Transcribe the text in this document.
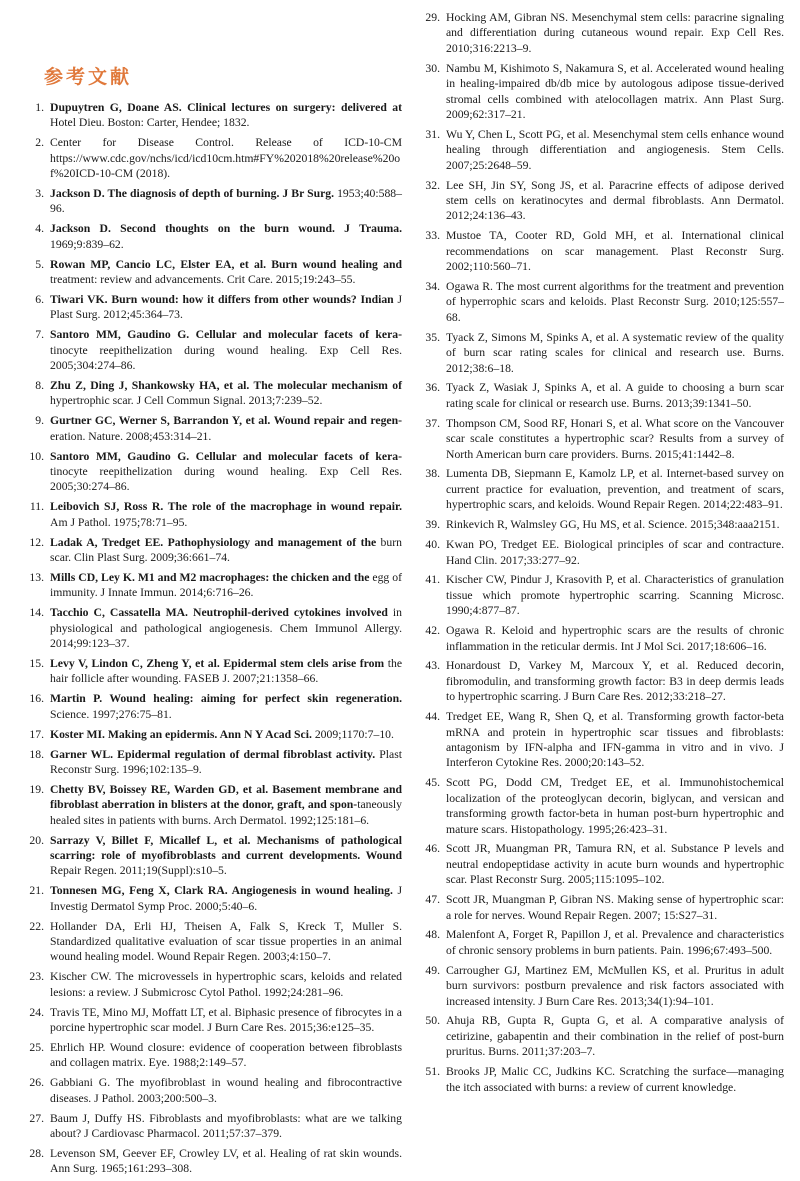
参考文献
1. Dupuytren G, Doane AS. Clinical lectures on surgery: delivered at Hotel Dieu. Boston: Carter, Hendee; 1832.
2. Center for Disease Control. Release of ICD-10-CM https://www.cdc.gov/nchs/icd/icd10cm.htm#FY%202018%20release%20of%20ICD-10-CM (2018).
3. Jackson D. The diagnosis of depth of burning. J Br Surg. 1953;40:588–96.
4. Jackson D. Second thoughts on the burn wound. J Trauma. 1969;9:839–62.
5. Rowan MP, Cancio LC, Elster EA, et al. Burn wound healing and treatment: review and advancements. Crit Care. 2015;19:243–55.
6. Tiwari VK. Burn wound: how it differs from other wounds? Indian J Plast Surg. 2012;45:364–73.
7. Santoro MM, Gaudino G. Cellular and molecular facets of kera-tinocyte reepithelization during wound healing. Exp Cell Res. 2005;304:274–86.
8. Zhu Z, Ding J, Shankowsky HA, et al. The molecular mechanism of hypertrophic scar. J Cell Commun Signal. 2013;7:239–52.
9. Gurtner GC, Werner S, Barrandon Y, et al. Wound repair and regen-eration. Nature. 2008;453:314–21.
10. Santoro MM, Gaudino G. Cellular and molecular facets of kera-tinocyte reepithelization during wound healing. Exp Cell Res. 2005;30:274–86.
11. Leibovich SJ, Ross R. The role of the macrophage in wound repair. Am J Pathol. 1975;78:71–95.
12. Ladak A, Tredget EE. Pathophysiology and management of the burn scar. Clin Plast Surg. 2009;36:661–74.
13. Mills CD, Ley K. M1 and M2 macrophages: the chicken and the egg of immunity. J Innate Immun. 2014;6:716–26.
14. Tacchio C, Cassatella MA. Neutrophil-derived cytokines involved in physiological and pathological angiogenesis. Chem Immunol Allergy. 2014;99:123–37.
15. Levy V, Lindon C, Zheng Y, et al. Epidermal stem clels arise from the hair follicle after wounding. FASEB J. 2007;21:1358–66.
16. Martin P. Wound healing: aiming for perfect skin regeneration. Science. 1997;276:75–81.
17. Koster MI. Making an epidermis. Ann N Y Acad Sci. 2009;1170:7–10.
18. Garner WL. Epidermal regulation of dermal fibroblast activity. Plast Reconstr Surg. 1996;102:135–9.
19. Chetty BV, Boissey RE, Warden GD, et al. Basement membrane and fibroblast aberration in blisters at the donor, graft, and spon-taneously healed sites in patients with burns. Arch Dermatol. 1992;125:181–6.
20. Sarrazy V, Billet F, Micallef L, et al. Mechanisms of pathological scarring: role of myofibroblasts and current developments. Wound Repair Regen. 2011;19(Suppl):s10–5.
21. Tonnesen MG, Feng X, Clark RA. Angiogenesis in wound healing. J Investig Dermatol Symp Proc. 2000;5:40–6.
22. Hollander DA, Erli HJ, Theisen A, Falk S, Kreck T, Muller S. Standardized qualitative evaluation of scar tissue properties in an animal wound healing model. Wound Repair Regen. 2003;4:150–7.
23. Kischer CW. The microvessels in hypertrophic scars, keloids and related lesions: a review. J Submicrosc Cytol Pathol. 1992;24:281–96.
24. Travis TE, Mino MJ, Moffatt LT, et al. Biphasic presence of fibrocytes in a porcine hypertrophic scar model. J Burn Care Res. 2015;36:e125–35.
25. Ehrlich HP. Wound closure: evidence of cooperation between fibroblasts and collagen matrix. Eye. 1988;2:149–57.
26. Gabbiani G. The myofibroblast in wound healing and fibrocontractive diseases. J Pathol. 2003;200:500–3.
27. Baum J, Duffy HS. Fibroblasts and myofibroblasts: what are we talking about? J Cardiovasc Pharmacol. 2011;57:37–379.
28. Levenson SM, Geever EF, Crowley LV, et al. Healing of rat skin wounds. Ann Surg. 1965;161:293–308.
29. Hocking AM, Gibran NS. Mesenchymal stem cells: paracrine signaling and differentiation during cutaneous wound repair. Exp Cell Res. 2010;316:2213–9.
30. Nambu M, Kishimoto S, Nakamura S, et al. Accelerated wound healing in healing-impaired db/db mice by autologous adipose tissue-derived stromal cells combined with atelocollagen matrix. Ann Plast Surg. 2009;62:317–21.
31. Wu Y, Chen L, Scott PG, et al. Mesenchymal stem cells enhance wound healing through differentiation and angiogenesis. Stem Cells. 2007;25:2648–59.
32. Lee SH, Jin SY, Song JS, et al. Paracrine effects of adipose derived stem cells on keratinocytes and dermal fibroblasts. Ann Dermatol. 2012;24:136–43.
33. Mustoe TA, Cooter RD, Gold MH, et al. International clinical recommendations on scar management. Plast Reconstr Surg. 2002;110:560–71.
34. Ogawa R. The most current algorithms for the treatment and prevention of hyperrophic scars and keloids. Plast Reconstr Surg. 2010;125:557–68.
35. Tyack Z, Simons M, Spinks A, et al. A systematic review of the quality of burn scar rating scales for clinical and research use. Burns. 2012;38:6–18.
36. Tyack Z, Wasiak J, Spinks A, et al. A guide to choosing a burn scar rating scale for clinical or research use. Burns. 2013;39:1341–50.
37. Thompson CM, Sood RF, Honari S, et al. What score on the Vancouver scar scale constitutes a hypertrophic scar? Results from a survey of North American burn care providers. Burns. 2015;41:1442–8.
38. Lumenta DB, Siepmann E, Kamolz LP, et al. Internet-based survey on current practice for evaluation, prevention, and treatment of scars, hypertrophic scars, and keloids. Wound Repair Regen. 2014;22:483–91.
39. Rinkevich R, Walmsley GG, Hu MS, et al. Science. 2015;348:aaa2151.
40. Kwan PO, Tredget EE. Biological principles of scar and contracture. Hand Clin. 2017;33:277–92.
41. Kischer CW, Pindur J, Krasovith P, et al. Characteristics of granulation tissue which promote hypertrophic scarring. Scanning Microsc. 1990;4:877–87.
42. Ogawa R. Keloid and hypertrophic scars are the results of chronic inflammation in the reticular dermis. Int J Mol Sci. 2017;18:606–16.
43. Honardoust D, Varkey M, Marcoux Y, et al. Reduced decorin, fibromodulin, and transforming growth factor: B3 in deep dermis leads to hypertrophic scarring. J Burn Care Res. 2012;33:218–27.
44. Tredget EE, Wang R, Shen Q, et al. Transforming growth factor-beta mRNA and protein in hypertrophic scar tissues and fibroblasts: antagonism by IFN-alpha and IFN-gamma in vitro and in vivo. J Interferon Cytokine Res. 2000;20:143–52.
45. Scott PG, Dodd CM, Tredget EE, et al. Immunohistochemical localization of the proteoglycan decorin, biglycan, and versican and transforming growth factor-beta in human post-burn hypertrophic and mature scars. Histopathology. 1995;26:423–31.
46. Scott JR, Muangman PR, Tamura RN, et al. Substance P levels and neutral endopeptidase activity in acute burn wounds and hypertrophic scar. Plast Reconstr Surg. 2005;115:1095–102.
47. Scott JR, Muangman P, Gibran NS. Making sense of hypertrophic scar: a role for nerves. Wound Repair Regen. 2007; 15:S27–31.
48. Malenfont A, Forget R, Papillon J, et al. Prevalence and characteristics of chronic sensory problems in burn patients. Pain. 1996;67:493–500.
49. Carrougher GJ, Martinez EM, McMullen KS, et al. Pruritus in adult burn survivors: postburn prevalence and risk factors associated with increased intensity. J Burn Care Res. 2013;34(1):94–101.
50. Ahuja RB, Gupta R, Gupta G, et al. A comparative analysis of cetirizine, gabapentin and their combination in the relief of post-burn pruritus. Burns. 2011;37:203–7.
51. Brooks JP, Malic CC, Judkins KC. Scratching the surface—managing the itch associated with burns: a review of current knowledge.
